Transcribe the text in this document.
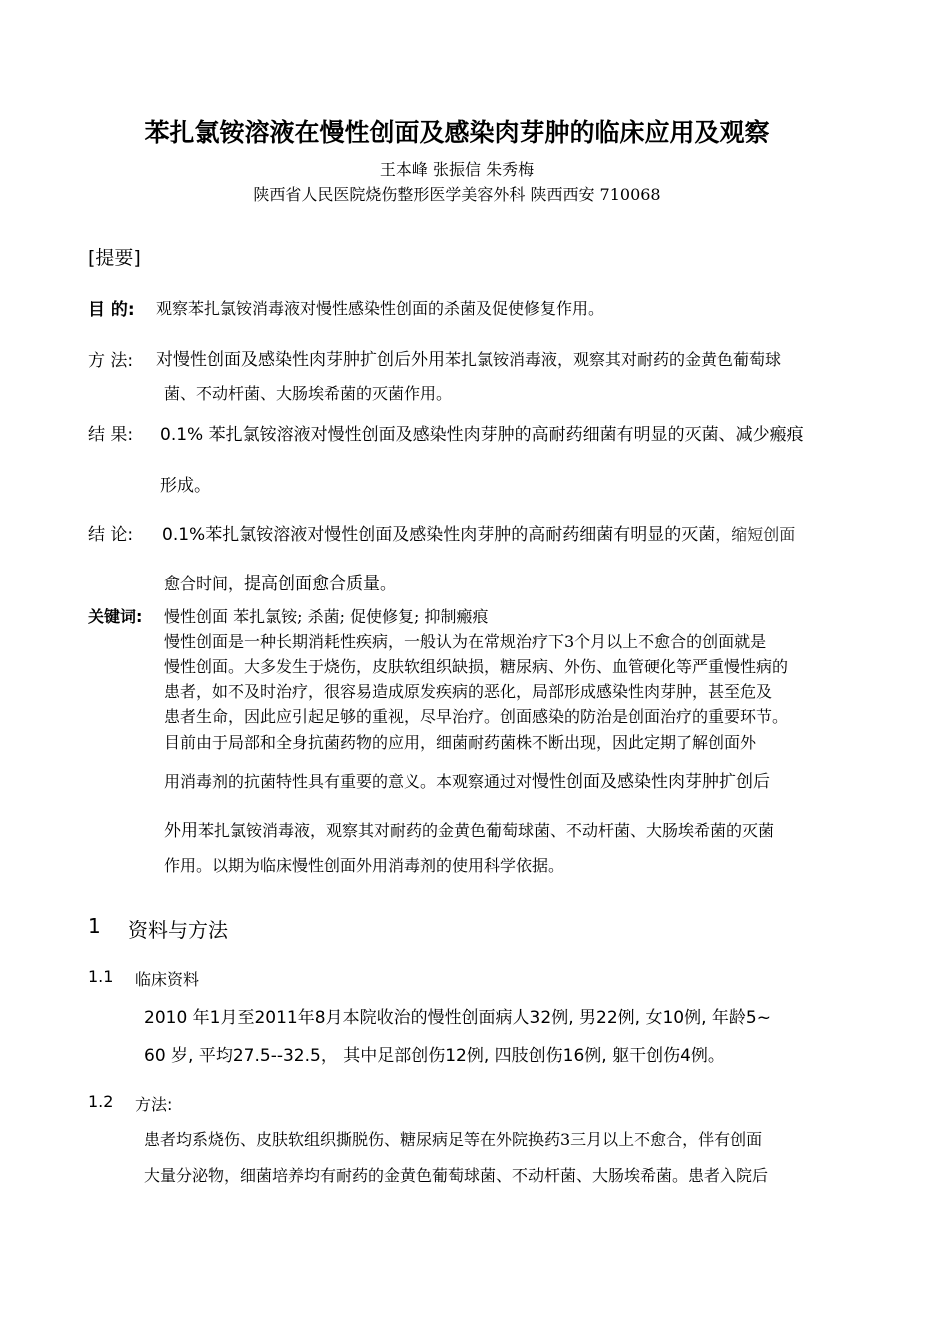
苯扎氯铵溶液在慢性创面及感染肉芽肿的临床应用及观察
王本峰 张振信 朱秀梅
陕西省人民医院烧伤整形医学美容外科 陕西西安 710068
[提要]
目 的: 观察苯扎氯铵消毒液对慢性感染性创面的杀菌及促使修复作用。
方 法: 对慢性创面及感染性肉芽肿扩创后外用苯扎氯铵消毒液，观察其对耐药的金黄色葡萄球
菌、不动杆菌、大肠埃希菌的灭菌作用。
结 果: 0.1% 苯扎氯铵溶液对慢性创面及感染性肉芽肿的高耐药细菌有明显的灭菌、减少瘢痕
形成。
结 论: 0.1%苯扎氯铵溶液对慢性创面及感染性肉芽肿的高耐药细菌有明显的灭菌，缩短创面
愈合时间，提高创面愈合质量。
关键词: 慢性创面 苯扎氯铵; 杀菌; 促使修复; 抑制瘢痕
慢性创面是一种长期消耗性疾病，一般认为在常规治疗下3个月以上不愈合的创面就是
慢性创面。大多发生于烧伤，皮肤软组织缺损，糖尿病、外伤、血管硬化等严重慢性病的
患者，如不及时治疗，很容易造成原发疾病的恶化，局部形成感染性肉芽肿，甚至危及
患者生命，因此应引起足够的重视，尽早治疗。创面感染的防治是创面治疗的重要环节。
目前由于局部和全身抗菌药物的应用，细菌耐药菌株不断出现，因此定期了解创面外
用消毒剂的抗菌特性具有重要的意义。本观察通过对慢性创面及感染性肉芽肿扩创后
外用苯扎氯铵消毒液，观察其对耐药的金黄色葡萄球菌、不动杆菌、大肠埃希菌的灭菌
作用。以期为临床慢性创面外用消毒剂的使用科学依据。
1 资料与方法
1.1 临床资料
2010 年1月至2011年8月本院收治的慢性创面病人32例, 男22例, 女10例, 年龄5~
60 岁, 平均27.5--32.5， 其中足部创伤12例, 四肢创伤16例, 躯干创伤4例。
1.2 方法:
患者均系烧伤、皮肤软组织撕脱伤、糖尿病足等在外院换药3三月以上不愈合，伴有创面
大量分泌物，细菌培养均有耐药的金黄色葡萄球菌、不动杆菌、大肠埃希菌。患者入院后
